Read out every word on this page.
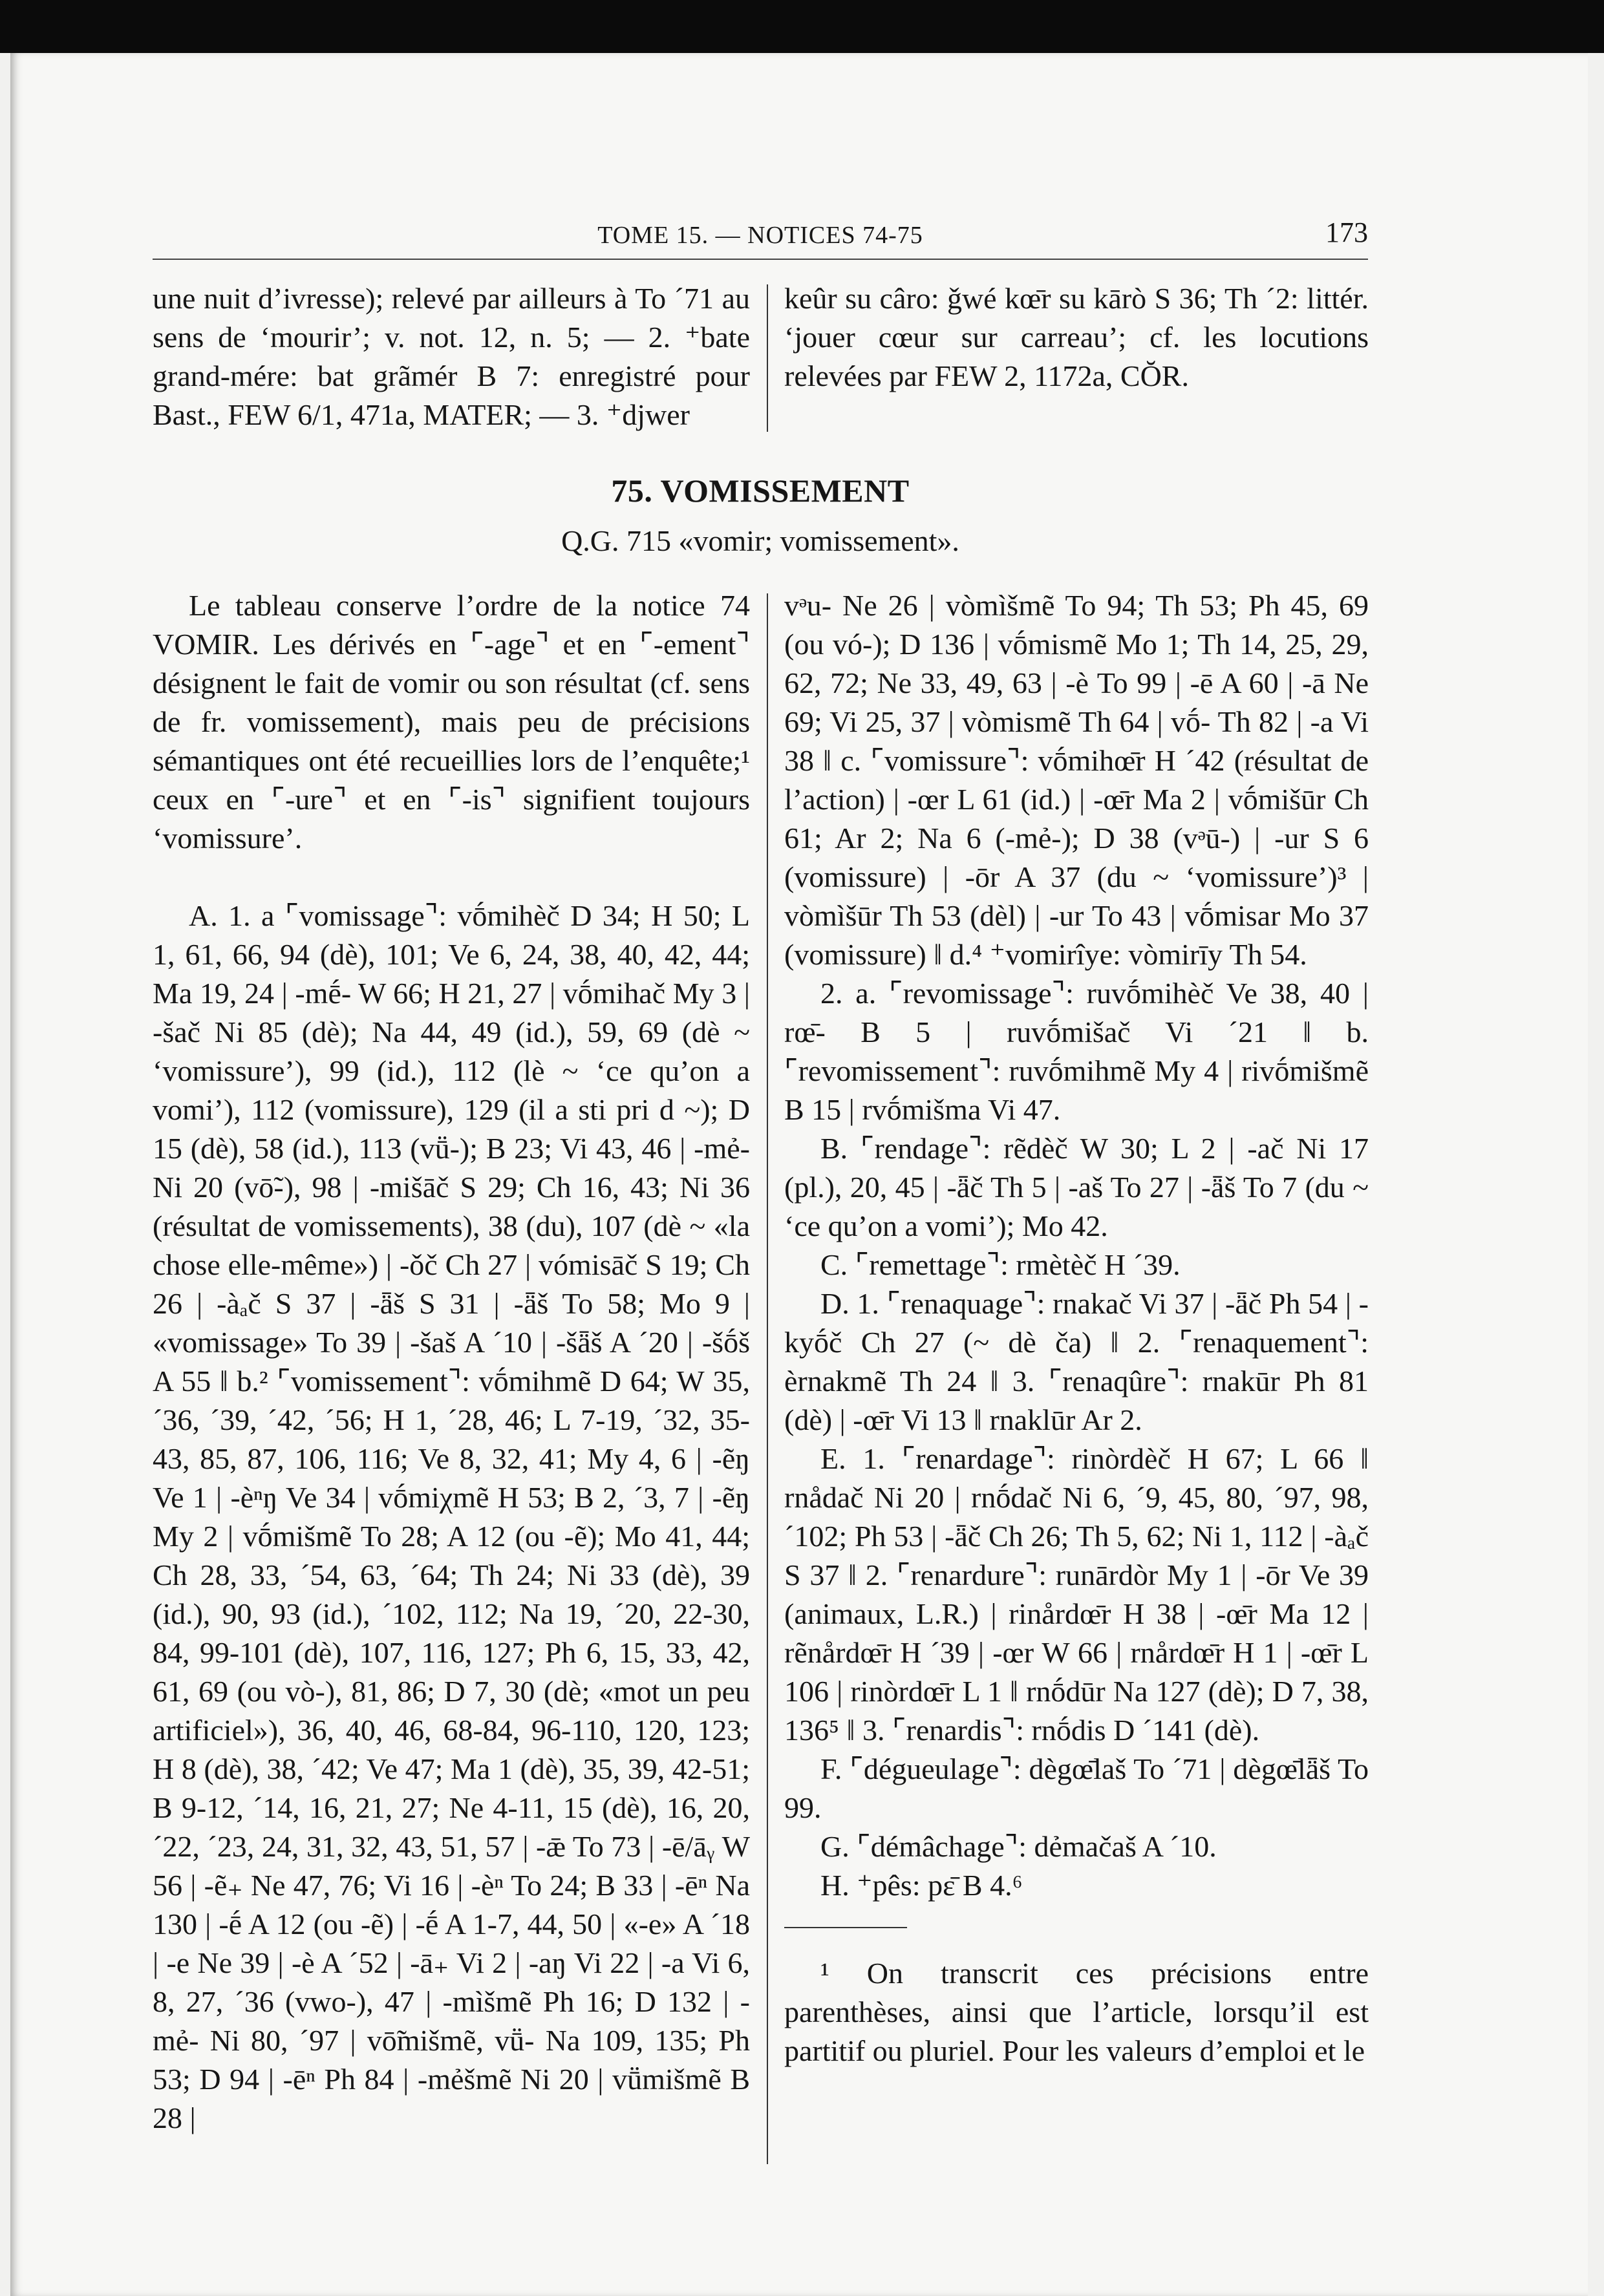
TOME 15. — NOTICES 74-75	173

une nuit d’ivresse); relevé par ailleurs à To ´71 au sens de ‘mourir’; v. not. 12, n. 5; — 2. ⁺bate grand-mére: bat grãmér B 7: enregistré pour Bast., FEW 6/1, 471a, MATER; — 3. ⁺djwer

keûr su câro: ǧwé kœ̄r su kārò S 36; Th ´2: littér. ‘jouer cœur sur carreau’; cf. les locutions relevées par FEW 2, 1172a, CŎR.

75. VOMISSEMENT
Q.G. 715 «vomir; vomissement».

Le tableau conserve l’ordre de la notice 74 VOMIR. Les dérivés en ⌜-age⌝ et en ⌜-ement⌝ désignent le fait de vomir ou son résultat (cf. sens de fr. vomissement), mais peu de précisions sémantiques ont été recueillies lors de l’enquête;¹ ceux en ⌜-ure⌝ et en ⌜-is⌝ signifient toujours ‘vomissure’.

A. 1. a ⌜vomissage⌝: vṓmihèč D 34; H 50; L 1, 61, 66, 94 (dè), 101; Ve 6, 24, 38, 40, 42, 44; Ma 19, 24 | -mḗ- W 66; H 21, 27 | vṓmihač My 3 | -šač Ni 85 (dè); Na 44, 49 (id.), 59, 69 (dè ~ ‘vomissure’), 99 (id.), 112 (lè ~ ‘ce qu’on a vomi’), 112 (vomissure), 129 (il a sti pri d ~); D 15 (dè), 58 (id.), 113 (vṻ-); B 23; Vi 43, 46 | -mẻ- Ni 20 (vō̃-), 98 | -mišāč S 29; Ch 16, 43; Ni 36 (résultat de vomissements), 38 (du), 107 (dè ~ «la chose elle-même») | -ǒč Ch 27 | vómisāč S 19; Ch 26 | -àₐč S 37 | -ǟš S 31 | -ǟš To 58; Mo 9 | «vomissage» To 39 | -šaš A ´10 | -šǟš A ´20 | -šṓš A 55 ‖ b.² ⌜vomissement⌝: vṓmihmẽ D 64; W 35, ´36, ´39, ´42, ´56; H 1, ´28, 46; L 7-19, ´32, 35-43, 85, 87, 106, 116; Ve 8, 32, 41; My 4, 6 | -ẽŋ Ve 1 | -èⁿŋ Ve 34 | vṓmiχmẽ H 53; B 2, ´3, 7 | -ẽŋ My 2 | vṓmišmẽ To 28; A 12 (ou -ẽ); Mo 41, 44; Ch 28, 33, ´54, 63, ´64; Th 24; Ni 33 (dè), 39 (id.), 90, 93 (id.), ´102, 112; Na 19, ´20, 22-30, 84, 99-101 (dè), 107, 116, 127; Ph 6, 15, 33, 42, 61, 69 (ou vò-), 81, 86; D 7, 30 (dè; «mot un peu artificiel»), 36, 40, 46, 68-84, 96-110, 120, 123; H 8 (dè), 38, ´42; Ve 47; Ma 1 (dè), 35, 39, 42-51; B 9-12, ´14, 16, 21, 27; Ne 4-11, 15 (dè), 16, 20, ´22, ´23, 24, 31, 32, 43, 51, 57 | -ǣ To 73 | -ē/āᵧ W 56 | -ẽ₊ Ne 47, 76; Vi 16 | -èⁿ To 24; B 33 | -ēⁿ Na 130 | -ḗ A 12 (ou -ẽ) | -ḗ A 1-7, 44, 50 | «-e» A ´18 | -e Ne 39 | -è A ´52 | -ā₊ Vi 2 | -aŋ Vi 22 | -a Vi 6, 8, 27, ´36 (vwo-), 47 | -mìšmẽ Ph 16; D 132 | -mẻ- Ni 80, ´97 | vō̃mišmẽ, vṻ- Na 109, 135; Ph 53; D 94 | -ēⁿ Ph 84 | -mẻšmẽ Ni 20 | vṻmišmẽ B 28 |

vᵊu- Ne 26 | vòmìšmẽ To 94; Th 53; Ph 45, 69 (ou vó-); D 136 | vṓmismẽ Mo 1; Th 14, 25, 29, 62, 72; Ne 33, 49, 63 | -è To 99 | -ē A 60 | -ā Ne 69; Vi 25, 37 | vòmismẽ Th 64 | vṓ- Th 82 | -a Vi 38 ‖ c. ⌜vomissure⌝: vṓmihœ̄r H ´42 (résultat de l’action) | -œr L 61 (id.) | -œ̄r Ma 2 | vṓmišūr Ch 61; Ar 2; Na 6 (-mẻ-); D 38 (vᵊū-) | -ur S 6 (vomissure) | -ōr A 37 (du ~ ‘vomissure’)³ | vòmìšūr Th 53 (dèl) | -ur To 43 | vṓmisar Mo 37 (vomissure) ‖ d.⁴ ⁺vomirîye: vòmirīy Th 54.

2. a. ⌜revomissage⌝: ruvṓmihèč Ve 38, 40 | rœ̄- B 5 | ruvṓmišač Vi ´21 ‖ b. ⌜revomissement⌝: ruvṓmihmẽ My 4 | rivṓmišmẽ B 15 | rvṓmišma Vi 47.

B. ⌜rendage⌝: rẽdèč W 30; L 2 | -ač Ni 17 (pl.), 20, 45 | -ǟč Th 5 | -aš To 27 | -ǟš To 7 (du ~ ‘ce qu’on a vomi’); Mo 42.

C. ⌜remettage⌝: rmètèč H ´39.

D. 1. ⌜renaquage⌝: rnakač Vi 37 | -ǟč Ph 54 | -kyṓč Ch 27 (~ dè ča) ‖ 2. ⌜renaquement⌝: èrnakmẽ Th 24 ‖ 3. ⌜renaqûre⌝: rnakūr Ph 81 (dè) | -œ̄r Vi 13 ‖ rnaklūr Ar 2.

E. 1. ⌜renardage⌝: rinòrdèč H 67; L 66 ‖ rnådač Ni 20 | rnṓdač Ni 6, ´9, 45, 80, ´97, 98, ´102; Ph 53 | -ǟč Ch 26; Th 5, 62; Ni 1, 112 | -àₐč S 37 ‖ 2. ⌜renardure⌝: runārdòr My 1 | -ōr Ve 39 (animaux, L.R.) | rinårdœ̄r H 38 | -œ̄r Ma 12 | rẽnårdœ̄r H ´39 | -œr W 66 | rnårdœ̄r H 1 | -œ̄r L 106 | rinòrdœ̄r L 1 ‖ rnṓdūr Na 127 (dè); D 7, 38, 136⁵ ‖ 3. ⌜renardis⌝: rnṓdis D ´141 (dè).

F. ⌜dégueulage⌝: dègœ̄laš To ´71 | dègœ̄lǟš To 99.

G. ⌜démâchage⌝: dẻmačaš A ´10.

H. ⁺pês: pɛ̄ B 4.⁶

¹ On transcrit ces précisions entre parenthèses, ainsi que l’article, lorsqu’il est partitif ou pluriel. Pour les valeurs d’emploi et le
